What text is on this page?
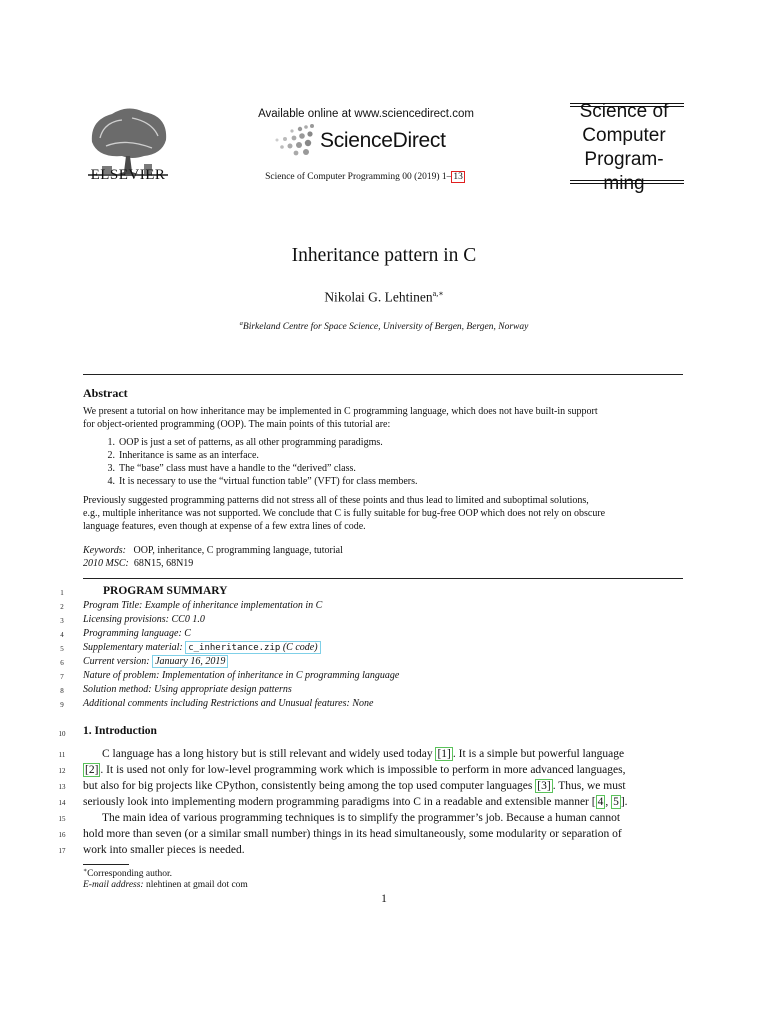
ELSEVIER
Available online at www.sciencedirect.com
ScienceDirect
Science of Computer Programming 00 (2019) 1– 13
Science of
Computer
Program-
ming
Inheritance pattern in C
Nikolai G. Lehtinen$^{a,∗}$
$^a$Birkeland Centre for Space Science, University of Bergen, Bergen, Norway
Abstract
We present a tutorial on how inheritance may be implemented in C programming language, which does not have built-in support
for object-oriented programming (OOP). The main points of this tutorial are:
1. OOP is just a set of patterns, as all other programming paradigms.
2. Inheritance is same as an interface.
3. The “base” class must have a handle to the “derived” class.
4. It is necessary to use the “virtual function table” (VFT) for class members.
Previously suggested programming patterns did not stress all of these points and thus lead to limited and suboptimal solutions,
e.g., multiple inheritance was not supported. We conclude that C is fully suitable for bug-free OOP which does not rely on obscure
language features, even though at expense of a few extra lines of code.
Keywords: OOP, inheritance, C programming language, tutorial
2010 MSC: 68N15, 68N19
1	PROGRAM SUMMARY
2	Program Title: Example of inheritance implementation in C
3	Licensing provisions: CC0 1.0
4	Programming language: C
5	Supplementary material: c_inheritance.zip (C code)
6	Current version: January 16, 2019
7	Nature of problem: Implementation of inheritance in C programming language
8	Solution method: Using appropriate design patterns
9	Additional comments including Restrictions and Unusual features: None
10	1. Introduction
11	C language has a long history but is still relevant and widely used today [1] . It is a simple but powerful language
12	[2] . It is used not only for low-level programming work which is impossible to perform in more advanced languages,
13	but also for big projects like CPython, consistently being among the top used computer languages [3] . Thus, we must
14	seriously look into implementing modern programming paradigms into C in a readable and extensible manner [ 4 , 5 ].
15	The main idea of various programming techniques is to simplify the programmer’s job. Because a human cannot
16	hold more than seven (or a similar small number) things in its head simultaneously, some modularity or separation of
17	work into smaller pieces is needed.
∗Corresponding author.
E-mail address: nlehtinen at gmail dot com
1
